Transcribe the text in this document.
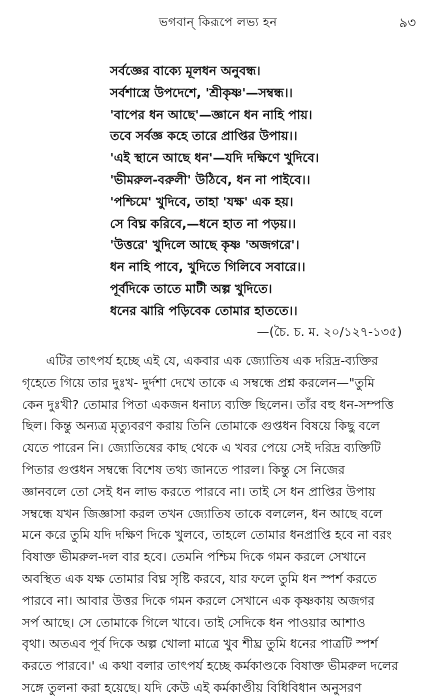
ভগবান্‌ কিরূপে লভ্য হন	৯৩
সর্বজ্ঞের বাক্যে মূলধন অনুবন্ধ।
সর্বশাস্ত্রে উপদেশে, 'শ্রীকৃষ্ণ'—সম্বন্ধ।।
'বাপের ধন আছে'—জ্ঞানে ধন নাহি পায়।
তবে সর্বজ্ঞ কহে তারে প্রাপ্তির উপায়।।
'এই স্থানে আছে ধন'—যদি দক্ষিণে খুদিবে।
'ভীমরুল-বরুলী' উঠিবে, ধন না পাইবে।।
'পশ্চিমে' খুদিবে, তাহা 'যক্ষ' এক হয়।
সে বিঘ্ন করিবে,—ধনে হাত না পড়য়।।
'উত্তরে' খুদিলে আছে কৃষ্ণ 'অজগরে'।
ধন নাহি পাবে, খুদিতে গিলিবে সবারে।।
পূর্বদিকে তাতে মাটী অল্প খুদিতে।
ধনের ঝারি পড়িবেক তোমার হাততে।।
—(চৈ. চ. ম. ২০/১২৭-১৩৫)
এটির তাৎপর্য হচ্ছে এই যে, একবার এক জ্যোতিষ এক দরিদ্র-ব্যক্তির
গৃহেতে গিয়ে তার দুঃখ- দুর্দশা দেখে তাকে এ সম্বন্ধে প্রশ্ন করলেন—"তুমি
কেন দুঃখী? তোমার পিতা একজন ধনাঢ্য ব্যক্তি ছিলেন। তাঁর বহু ধন-সম্পত্তি
ছিল। কিন্তু অন্যত্র মৃত্যুবরণ করায় তিনি তোমাকে গুপ্তধন বিষয়ে কিছু বলে
যেতে পারেন নি। জ্যোতিষের কাছ থেকে এ খবর পেয়ে সেই দরিদ্র ব্যক্তিটি
পিতার গুপ্তধন সম্বন্ধে বিশেষ তথ্য জানতে পারল। কিন্তু সে নিজের
জ্ঞানবলে তো সেই ধন লাভ করতে পারবে না। তাই সে ধন প্রাপ্তির উপায়
সম্বন্ধে যখন জিজ্ঞাসা করল তখন জ্যোতিষ তাকে বললেন, ধন আছে বলে
মনে করে তুমি যদি দক্ষিণ দিকে খুলবে, তাহলে তোমার ধনপ্রাপ্তি হবে না বরং
বিষাক্ত ভীমরুল-দল বার হবে। তেমনি পশ্চিম দিকে গমন করলে সেখানে
অবস্থিত এক যক্ষ তোমার বিঘ্ন সৃষ্টি করবে, যার ফলে তুমি ধন স্পর্শ করতে
পারবে না। আবার উত্তর দিকে গমন করলে সেখানে এক কৃষ্ণকায় অজগর
সর্প আছে। সে তোমাকে গিলে খাবে। তাই সেদিকে ধন পাওয়ার আশাও
বৃথা। অতএব পূর্ব দিকে অল্প খোলা মাত্রে খুব শীঘ্র তুমি ধনের পাত্রটি স্পর্শ
করতে পারবে।' এ কথা বলার তাৎপর্য হচ্ছে কর্মকাণ্ডকে বিষাক্ত ভীমরুল দলের
সঙ্গে তুলনা করা হয়েছে। যদি কেউ এই কর্মকাণ্ডীয় বিধিবিধান অনুসরণ
